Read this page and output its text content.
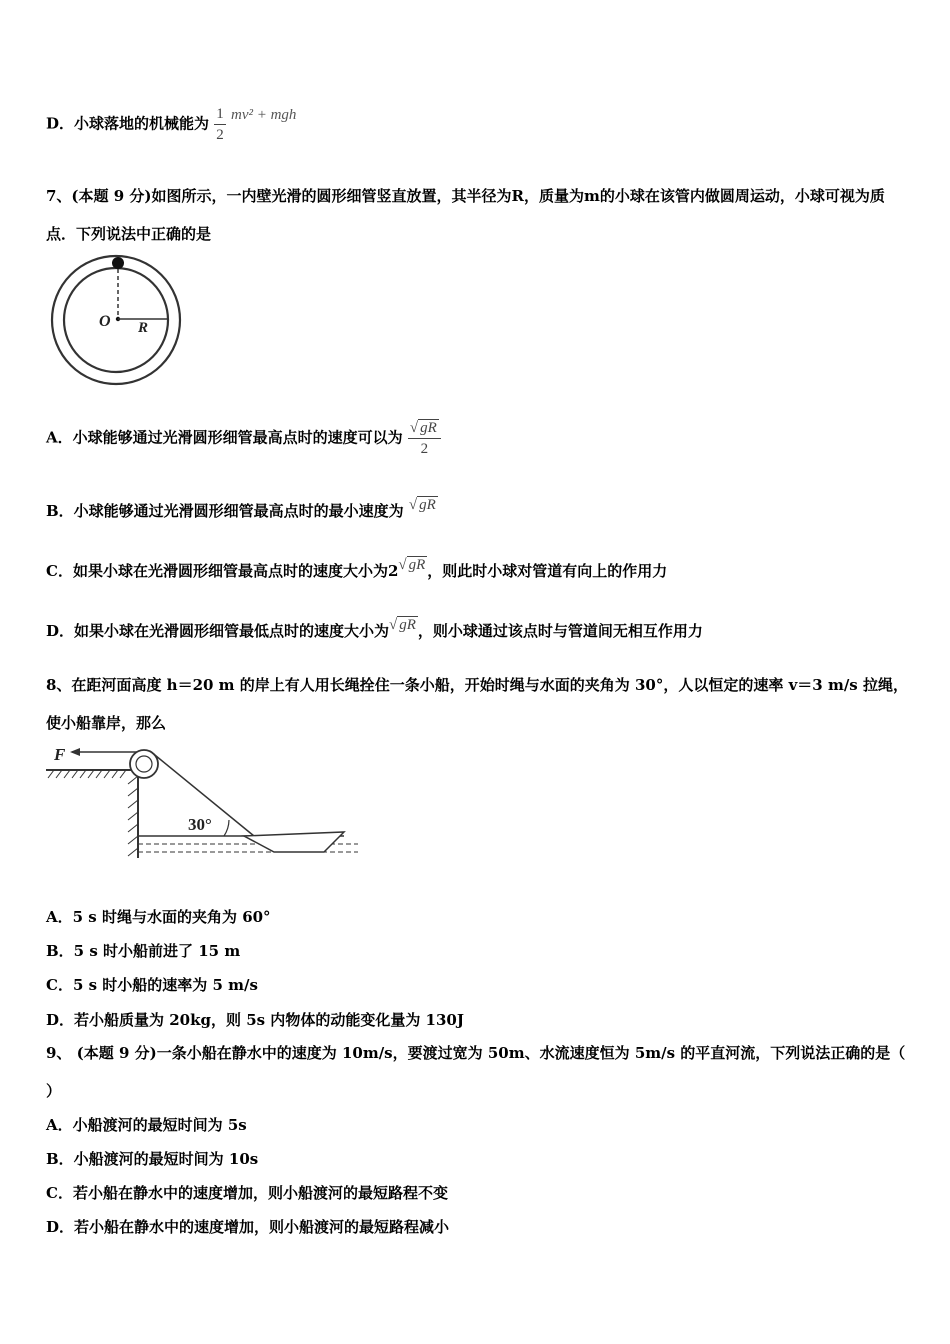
D．小球落地的机械能为 $\frac{1}{2} mv^2$ + mgh
7、(本题 9 分)如图所示，一内壁光滑的圆形细管竖直放置，其半径为R，质量为m的小球在该管内做圆周运动，小球可视为质点．下列说法中正确的是
O R
A．小球能够通过光滑圆形细管最高点时的速度可以为 $\frac{√ gR}{2}$
B．小球能够通过光滑圆形细管最高点时的最小速度为 √ gR
C．如果小球在光滑圆形细管最高点时的速度大小为2√ gR ，则此时小球对管道有向上的作用力
D．如果小球在光滑圆形细管最低点时的速度大小为√ gR ，则小球通过该点时与管道间无相互作用力
8、在距河面高度 h＝20 m 的岸上有人用长绳拴住一条小船，开始时绳与水面的夹角为 30°，人以恒定的速率 v＝3 m/s 拉绳，使小船靠岸，那么
F
30°
A．5 s 时绳与水面的夹角为 60°
B．5 s 时小船前进了 15 m
C．5 s 时小船的速率为 5 m/s
D．若小船质量为 20kg，则 5s 内物体的动能变化量为 130J
9、 (本题 9 分)一条小船在静水中的速度为 10m/s，要渡过宽为 50m、水流速度恒为 5m/s 的平直河流，下列说法正确的是（ ）
A．小船渡河的最短时间为 5s
B．小船渡河的最短时间为 10s
C．若小船在静水中的速度增加，则小船渡河的最短路程不变
D．若小船在静水中的速度增加，则小船渡河的最短路程减小
